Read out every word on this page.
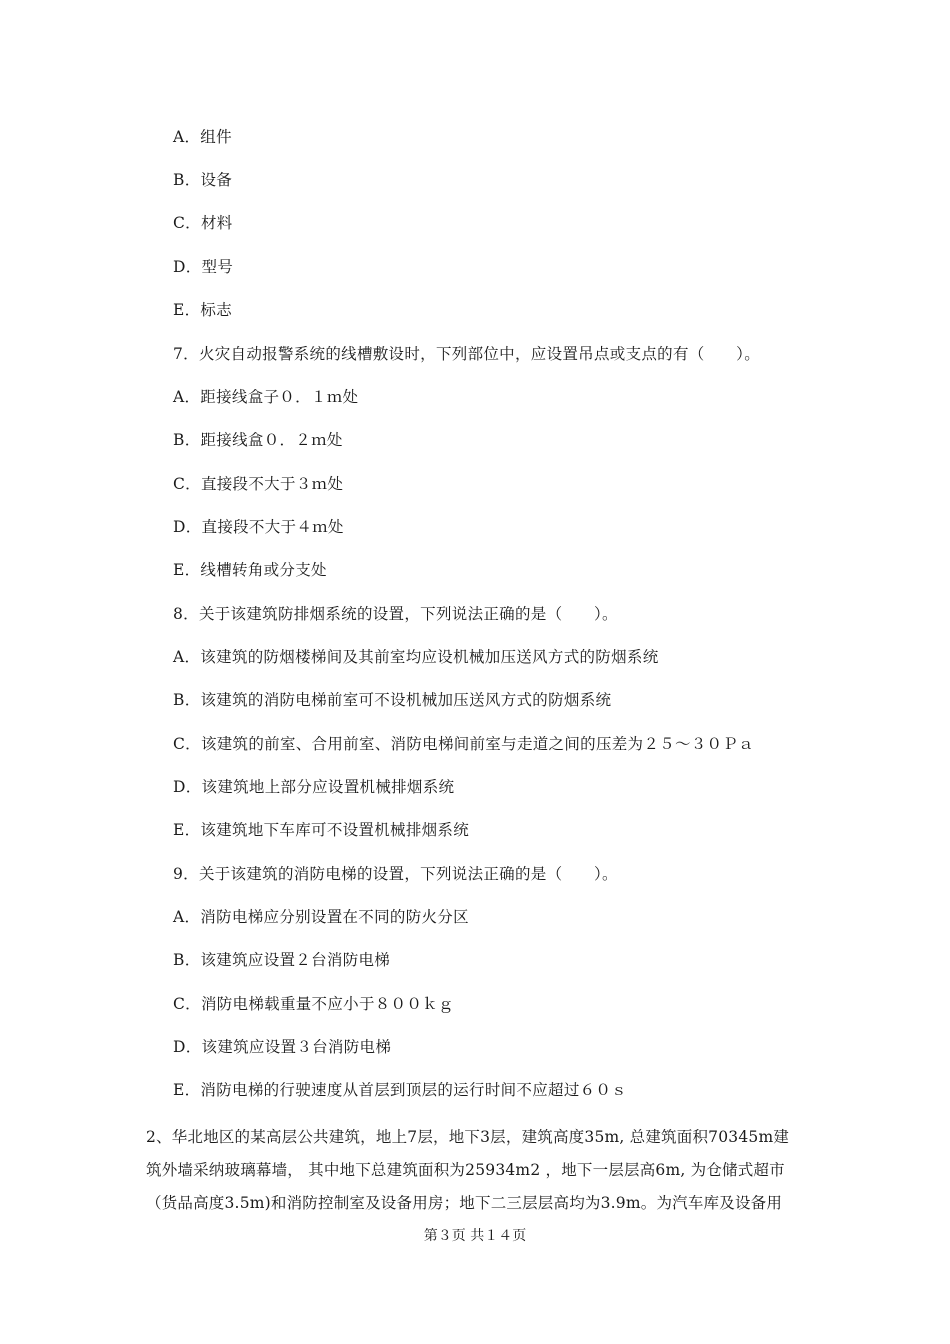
A．组件
B．设备
C．材料
D．型号
E．标志
7．火灾自动报警系统的线槽敷设时，下列部位中，应设置吊点或支点的有（　　）。
A．距接线盒子０．１ｍ处
B．距接线盒０．２ｍ处
C．直接段不大于３ｍ处
D．直接段不大于４ｍ处
E．线槽转角或分支处
8．关于该建筑防排烟系统的设置，下列说法正确的是（　　）。
A．该建筑的防烟楼梯间及其前室均应设机械加压送风方式的防烟系统
B．该建筑的消防电梯前室可不设机械加压送风方式的防烟系统
C．该建筑的前室、合用前室、消防电梯间前室与走道之间的压差为２５～３０Ｐａ
D．该建筑地上部分应设置机械排烟系统
E．该建筑地下车库可不设置机械排烟系统
9．关于该建筑的消防电梯的设置，下列说法正确的是（　　）。
A．消防电梯应分别设置在不同的防火分区
B．该建筑应设置２台消防电梯
C．消防电梯载重量不应小于８００ｋｇ
D．该建筑应设置３台消防电梯
E．消防电梯的行驶速度从首层到顶层的运行时间不应超过６０ｓ
2、华北地区的某高层公共建筑，地上7层，地下3层，建筑高度35m, 总建筑面积70345m建
筑外墙采纳玻璃幕墙， 其中地下总建筑面积为25934m2 ，地下一层层高6m, 为仓储式超市
（货品高度3.5m)和消防控制室及设备用房；地下二三层层高均为3.9m。为汽车库及设备用
第３页 共１４页
